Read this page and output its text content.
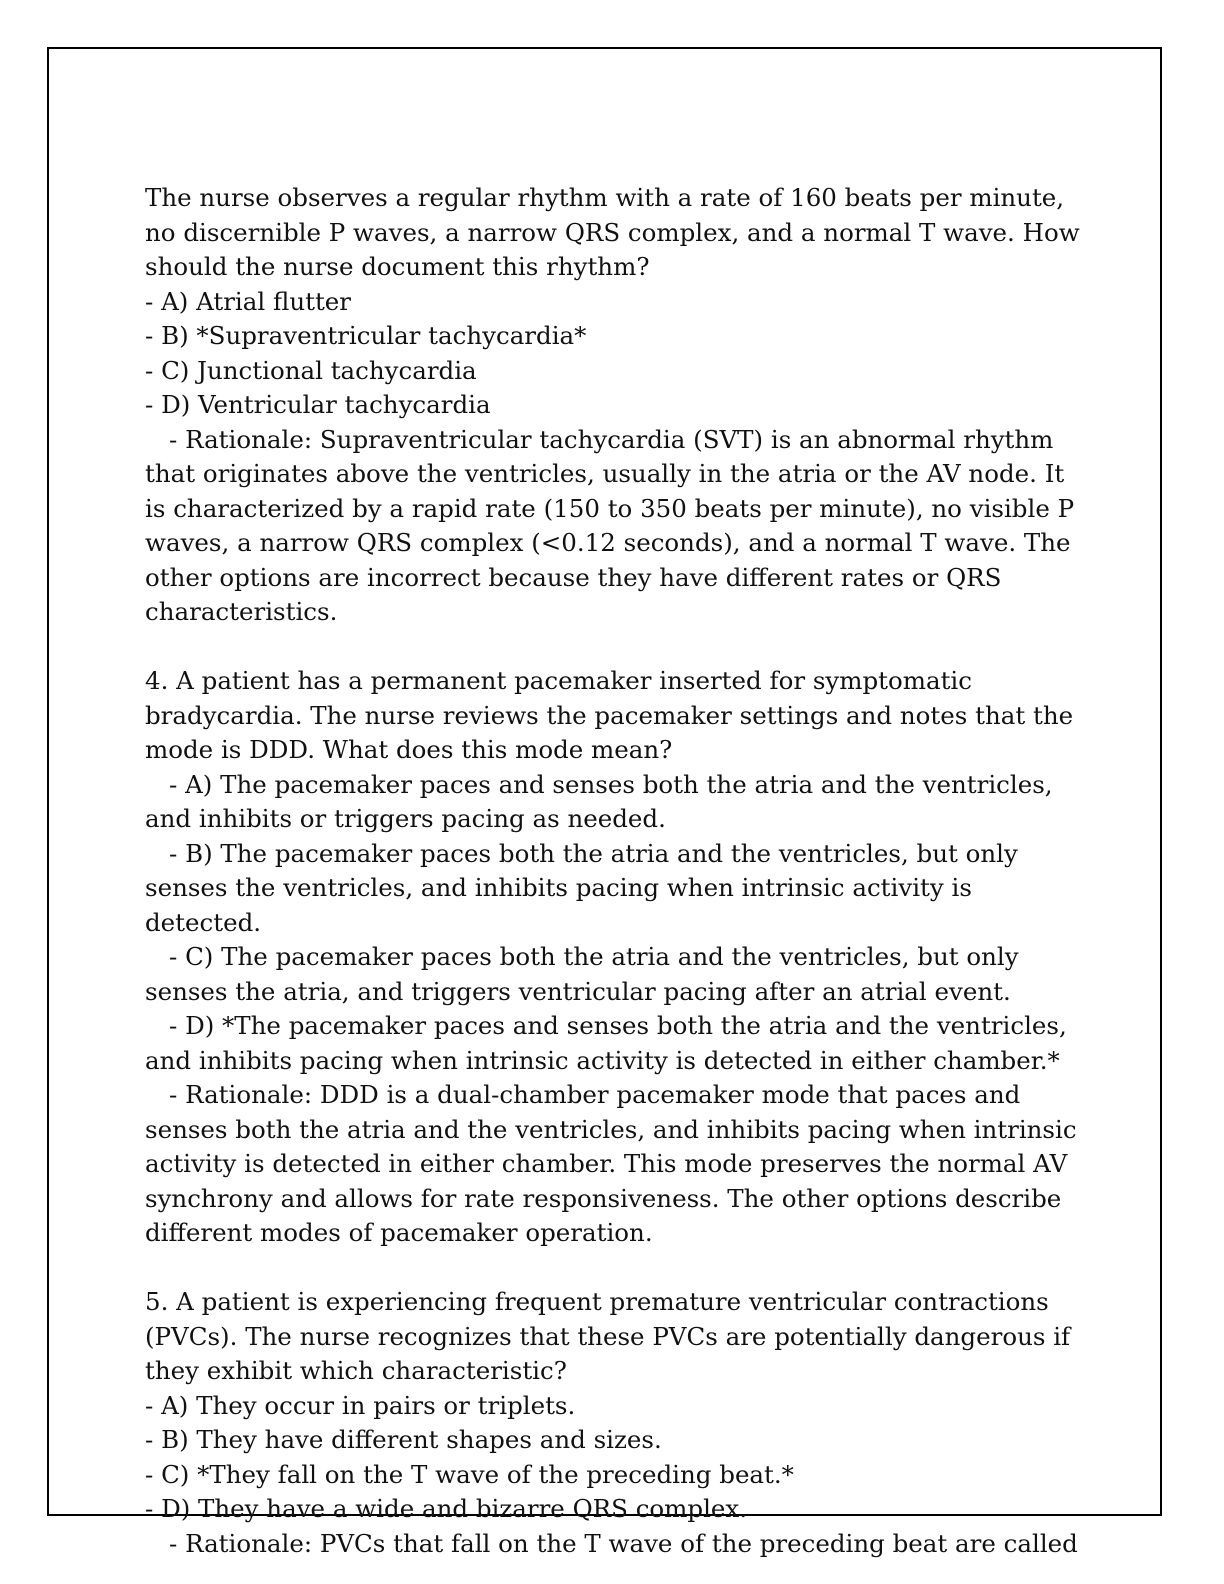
The nurse observes a regular rhythm with a rate of 160 beats per minute, no discernible P waves, a narrow QRS complex, and a normal T wave. How should the nurse document this rhythm?

- A) Atrial flutter

- B) *Supraventricular tachycardia*

- C) Junctional tachycardia

- D) Ventricular tachycardia

- Rationale: Supraventricular tachycardia (SVT) is an abnormal rhythm that originates above the ventricles, usually in the atria or the AV node. It is characterized by a rapid rate (150 to 350 beats per minute), no visible P waves, a narrow QRS complex (<0.12 seconds), and a normal T wave. The other options are incorrect because they have different rates or QRS characteristics.

4. A patient has a permanent pacemaker inserted for symptomatic bradycardia. The nurse reviews the pacemaker settings and notes that the mode is DDD. What does this mode mean?

- A) The pacemaker paces and senses both the atria and the ventricles, and inhibits or triggers pacing as needed.

- B) The pacemaker paces both the atria and the ventricles, but only senses the ventricles, and inhibits pacing when intrinsic activity is detected.

- C) The pacemaker paces both the atria and the ventricles, but only senses the atria, and triggers ventricular pacing after an atrial event.

- D) *The pacemaker paces and senses both the atria and the ventricles, and inhibits pacing when intrinsic activity is detected in either chamber.*

- Rationale: DDD is a dual-chamber pacemaker mode that paces and senses both the atria and the ventricles, and inhibits pacing when intrinsic activity is detected in either chamber. This mode preserves the normal AV synchrony and allows for rate responsiveness. The other options describe different modes of pacemaker operation.

5. A patient is experiencing frequent premature ventricular contractions (PVCs). The nurse recognizes that these PVCs are potentially dangerous if they exhibit which characteristic?

- A) They occur in pairs or triplets.

- B) They have different shapes and sizes.

- C) *They fall on the T wave of the preceding beat.*

- D) They have a wide and bizarre QRS complex.

- Rationale: PVCs that fall on the T wave of the preceding beat are called
